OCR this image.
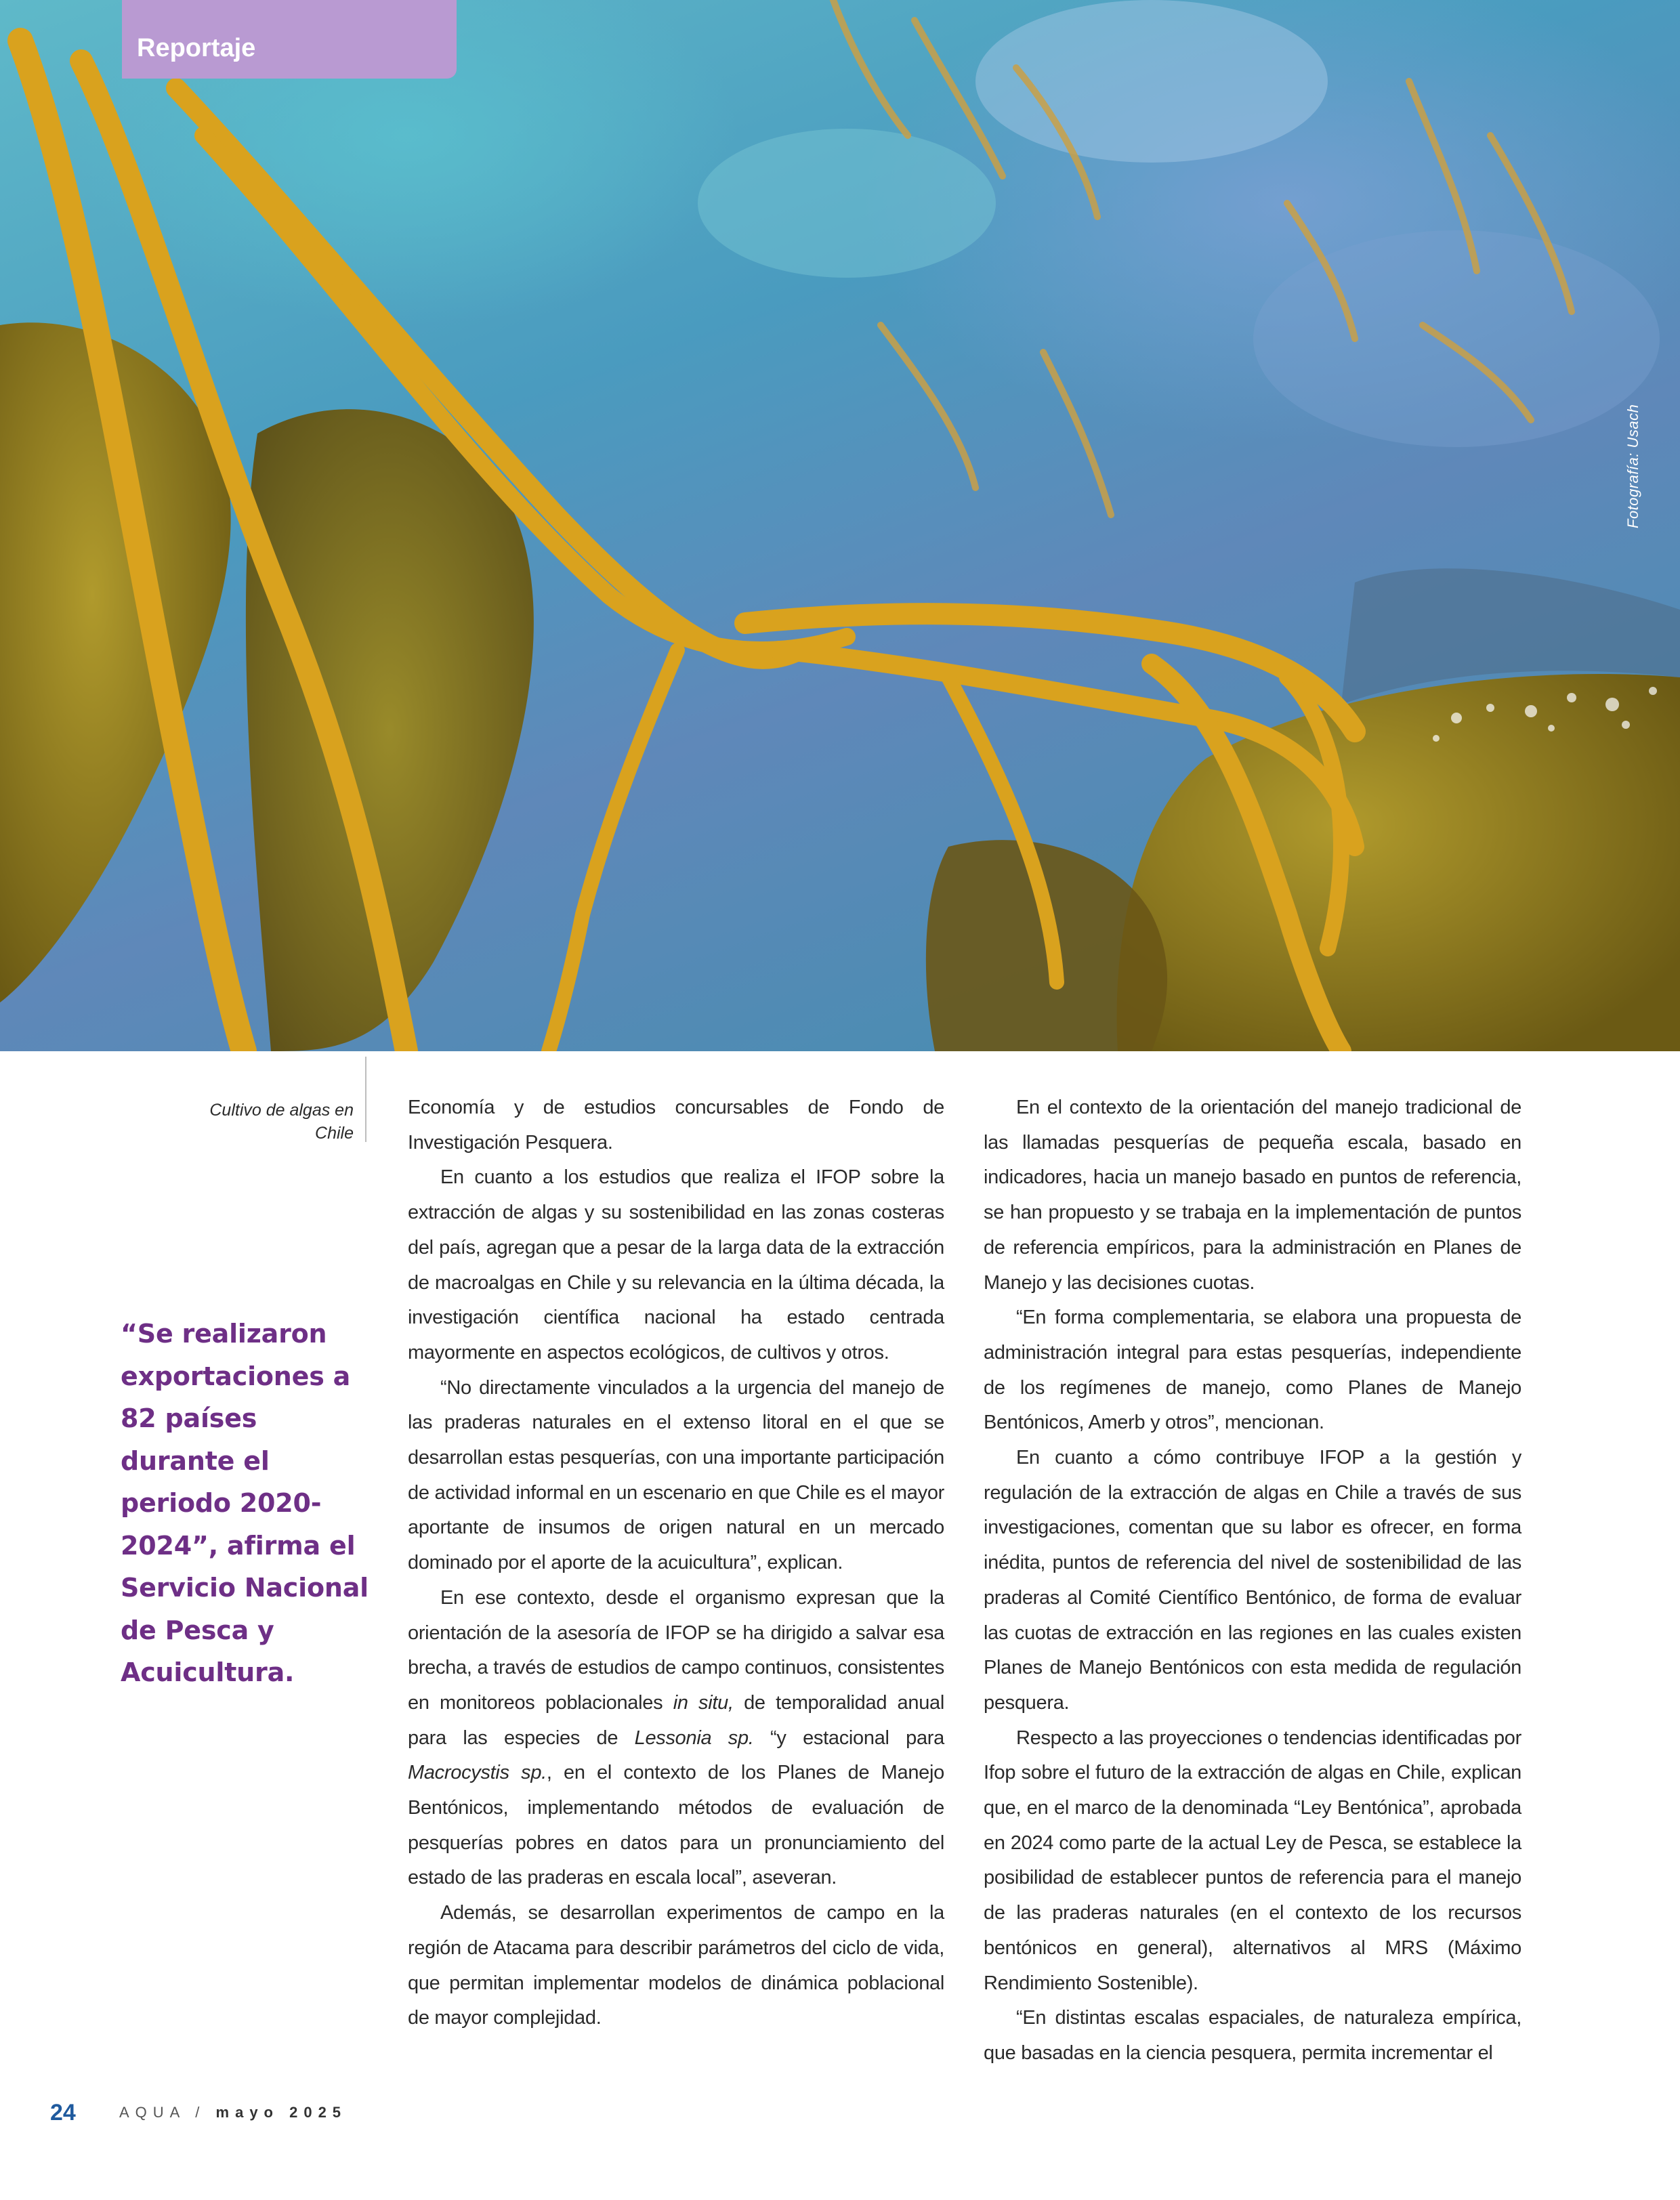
Reportaje
Fotografía: Usach
Cultivo de algas en Chile
“Se realizaron exportaciones a 82 países durante el periodo 2020-2024”, afirma el Servicio Nacional de Pesca y Acuicultura.

Economía y de estudios concursables de Fondo de Investigación Pesquera.

En cuanto a los estudios que realiza el IFOP sobre la extracción de algas y su sostenibilidad en las zonas costeras del país, agregan que a pesar de la larga data de la extracción de macroalgas en Chile y su relevancia en la última década, la investigación científica nacional ha estado centrada mayormente en aspectos ecológicos, de cultivos y otros.

“No directamente vinculados a la urgencia del manejo de las praderas naturales en el extenso litoral en el que se desarrollan estas pesquerías, con una importante participación de actividad informal en un escenario en que Chile es el mayor aportante de insumos de origen natural en un mercado dominado por el aporte de la acuicultura”, explican.

En ese contexto, desde el organismo expresan que la orientación de la asesoría de IFOP se ha dirigido a salvar esa brecha, a través de estudios de campo continuos, consistentes en monitoreos poblacionales in situ, de temporalidad anual para las especies de Lessonia sp. “y estacional para Macrocystis sp., en el contexto de los Planes de Manejo Bentónicos, implementando métodos de evaluación de pesquerías pobres en datos para un pronunciamiento del estado de las praderas en escala local”, aseveran.

Además, se desarrollan experimentos de campo en la región de Atacama para describir parámetros del ciclo de vida, que permitan implementar modelos de dinámica poblacional de mayor complejidad.

En el contexto de la orientación del manejo tradicional de las llamadas pesquerías de pequeña escala, basado en indicadores, hacia un manejo basado en puntos de referencia, se han propuesto y se trabaja en la implementación de puntos de referencia empíricos, para la administración en Planes de Manejo y las decisiones cuotas.

“En forma complementaria, se elabora una propuesta de administración integral para estas pesquerías, independiente de los regímenes de manejo, como Planes de Manejo Bentónicos, Amerb y otros”, mencionan.

En cuanto a cómo contribuye IFOP a la gestión y regulación de la extracción de algas en Chile a través de sus investigaciones, comentan que su labor es ofrecer, en forma inédita, puntos de referencia del nivel de sostenibilidad de las praderas al Comité Científico Bentónico, de forma de evaluar las cuotas de extracción en las regiones en las cuales existen Planes de Manejo Bentónicos con esta medida de regulación pesquera.

Respecto a las proyecciones o tendencias identificadas por Ifop sobre el futuro de la extracción de algas en Chile, explican que, en el marco de la denominada “Ley Bentónica”, aprobada en 2024 como parte de la actual Ley de Pesca, se establece la posibilidad de establecer puntos de referencia para el manejo de las praderas naturales (en el contexto de los recursos bentónicos en general), alternativos al MRS (Máximo Rendimiento Sostenible).

“En distintas escalas espaciales, de naturaleza empírica, que basadas en la ciencia pesquera, permita incrementar el

24	AQUA / mayo 2025
